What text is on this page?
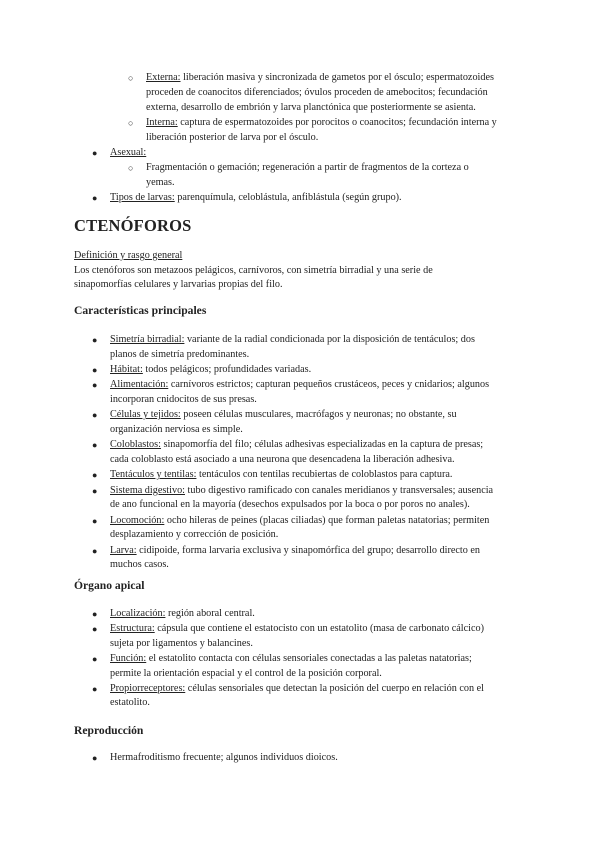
○ Externa: liberación masiva y sincronizada de gametos por el ósculo; espermatozoides
proceden de coanocitos diferenciados; óvulos proceden de amebocitos; fecundación
externa, desarrollo de embrión y larva planctónica que posteriormente se asienta.
○ Interna: captura de espermatozoides por porocitos o coanocitos; fecundación interna y
liberación posterior de larva por el ósculo.
● Asexual:
○ Fragmentación o gemación; regeneración a partir de fragmentos de la corteza o
yemas.
● Tipos de larvas: parenquímula, celoblástula, anfiblástula (según grupo).
CTENÓFOROS
Definición y rasgo general
Los ctenóforos son metazoos pelágicos, carnívoros, con simetría birradial y una serie de
sinapomorfías celulares y larvarias propias del filo.
Características principales
● Simetría birradial: variante de la radial condicionada por la disposición de tentáculos; dos
planos de simetría predominantes.
● Hábitat: todos pelágicos; profundidades variadas.
● Alimentación: carnívoros estrictos; capturan pequeños crustáceos, peces y cnidarios; algunos
incorporan cnidocitos de sus presas.
● Células y tejidos: poseen células musculares, macrófagos y neuronas; no obstante, su
organización nerviosa es simple.
● Coloblastos: sinapomorfía del filo; células adhesivas especializadas en la captura de presas;
cada coloblasto está asociado a una neurona que desencadena la liberación adhesiva.
● Tentáculos y tentilas: tentáculos con tentilas recubiertas de coloblastos para captura.
● Sistema digestivo: tubo digestivo ramificado con canales meridianos y transversales; ausencia
de ano funcional en la mayoría (desechos expulsados por la boca o por poros no anales).
● Locomoción: ocho hileras de peines (placas ciliadas) que forman paletas natatorias; permiten
desplazamiento y corrección de posición.
● Larva: cidipoide, forma larvaria exclusiva y sinapomórfica del grupo; desarrollo directo en
muchos casos.
Órgano apical
● Localización: región aboral central.
● Estructura: cápsula que contiene el estatocisto con un estatolito (masa de carbonato cálcico)
sujeta por ligamentos y balancines.
● Función: el estatolito contacta con células sensoriales conectadas a las paletas natatorias;
permite la orientación espacial y el control de la posición corporal.
● Propiorreceptores: células sensoriales que detectan la posición del cuerpo en relación con el
estatolito.
Reproducción
● Hermafroditismo frecuente; algunos individuos dioicos.
